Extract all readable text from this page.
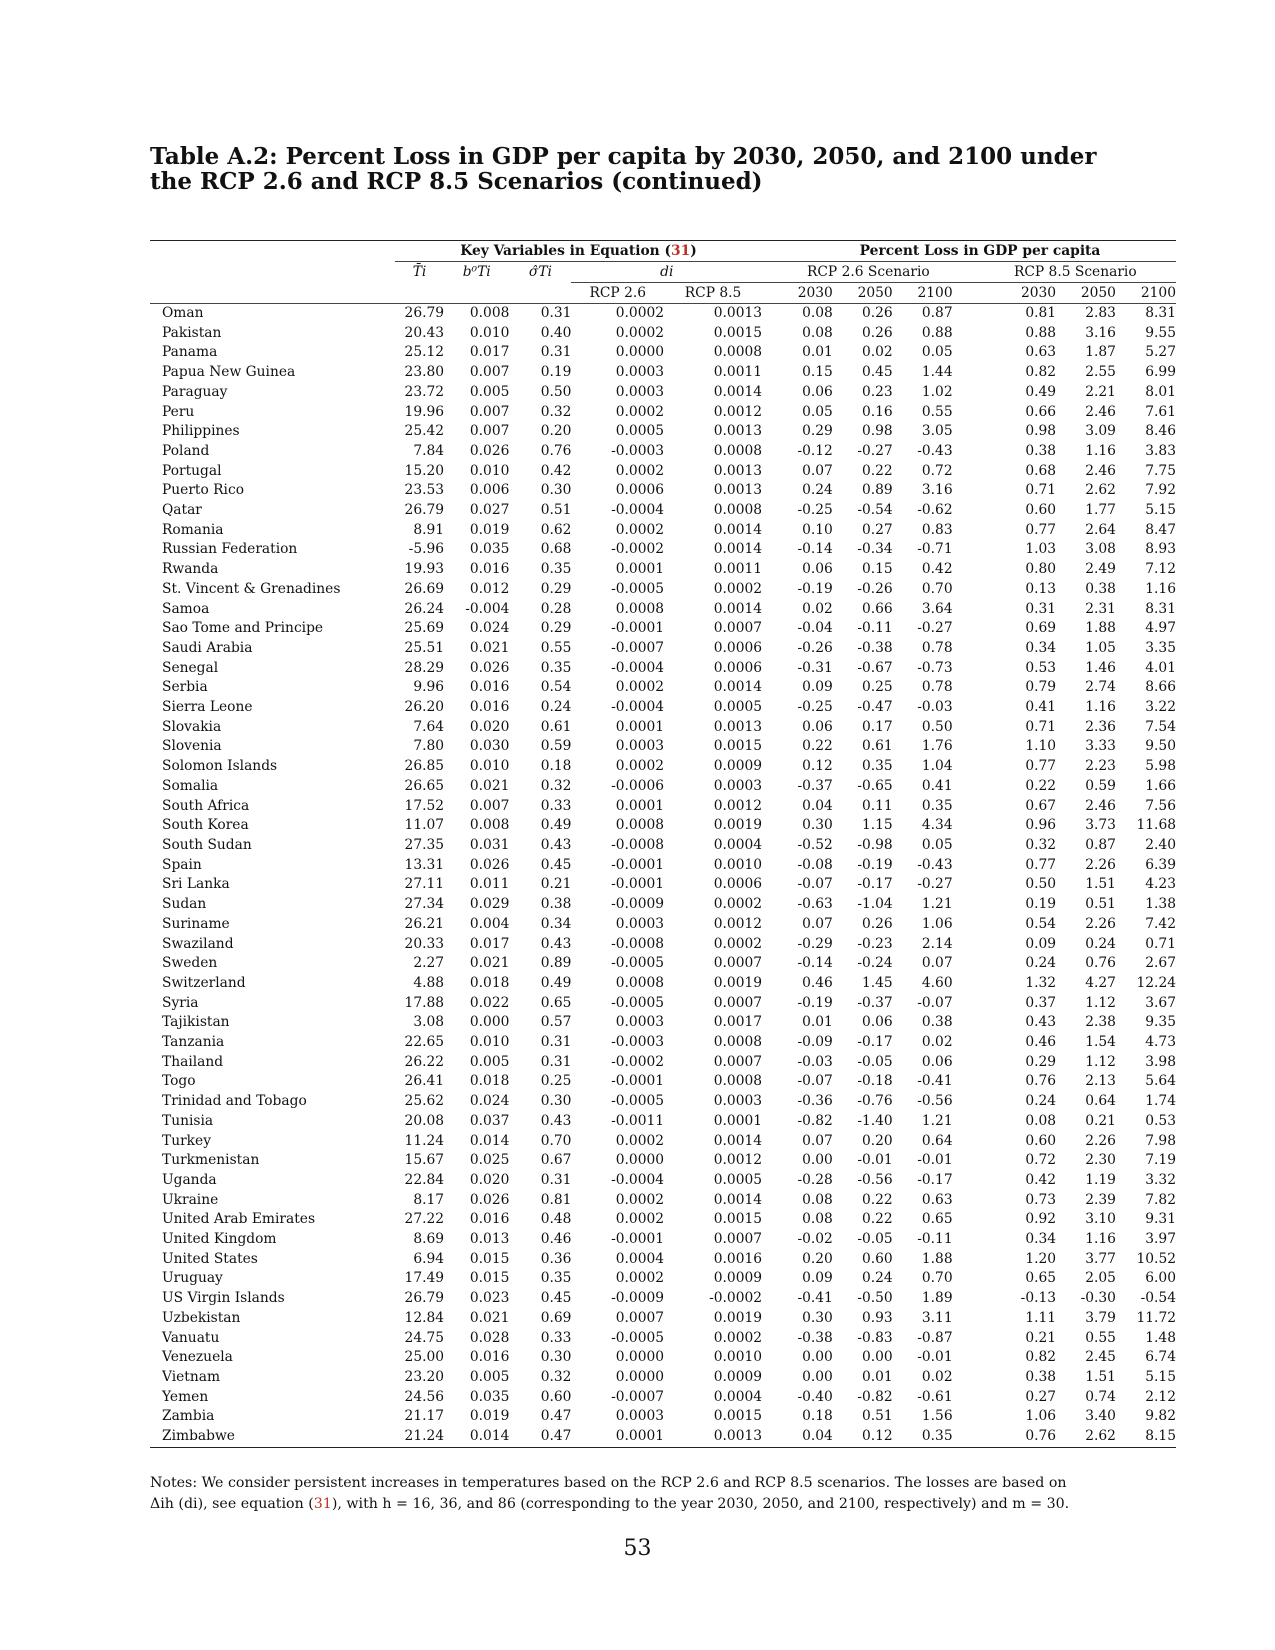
Table A.2: Percent Loss in GDP per capita by 2030, 2050, and 2100 under the RCP 2.6 and RCP 8.5 Scenarios (continued)
	Key Variables in Equation (31)					Percent Loss in GDP per capita					
	T̄i	b⁰Ti	σ̂Ti	di		RCP 2.6 Scenario			RCP 8.5 Scenario		
				RCP 2.6	RCP 8.5	2030	2050	2100	2030	2050	2100
Oman	26.79	0.008	0.31	0.0002	0.0013	0.08	0.26	0.87	0.81	2.83	8.31
Pakistan	20.43	0.010	0.40	0.0002	0.0015	0.08	0.26	0.88	0.88	3.16	9.55
Panama	25.12	0.017	0.31	0.0000	0.0008	0.01	0.02	0.05	0.63	1.87	5.27
Papua New Guinea	23.80	0.007	0.19	0.0003	0.0011	0.15	0.45	1.44	0.82	2.55	6.99
Paraguay	23.72	0.005	0.50	0.0003	0.0014	0.06	0.23	1.02	0.49	2.21	8.01
Peru	19.96	0.007	0.32	0.0002	0.0012	0.05	0.16	0.55	0.66	2.46	7.61
Philippines	25.42	0.007	0.20	0.0005	0.0013	0.29	0.98	3.05	0.98	3.09	8.46
Poland	7.84	0.026	0.76	-0.0003	0.0008	-0.12	-0.27	-0.43	0.38	1.16	3.83
Portugal	15.20	0.010	0.42	0.0002	0.0013	0.07	0.22	0.72	0.68	2.46	7.75
Puerto Rico	23.53	0.006	0.30	0.0006	0.0013	0.24	0.89	3.16	0.71	2.62	7.92
Qatar	26.79	0.027	0.51	-0.0004	0.0008	-0.25	-0.54	-0.62	0.60	1.77	5.15
Romania	8.91	0.019	0.62	0.0002	0.0014	0.10	0.27	0.83	0.77	2.64	8.47
Russian Federation	-5.96	0.035	0.68	-0.0002	0.0014	-0.14	-0.34	-0.71	1.03	3.08	8.93
Rwanda	19.93	0.016	0.35	0.0001	0.0011	0.06	0.15	0.42	0.80	2.49	7.12
St. Vincent & Grenadines	26.69	0.012	0.29	-0.0005	0.0002	-0.19	-0.26	0.70	0.13	0.38	1.16
Samoa	26.24	-0.004	0.28	0.0008	0.0014	0.02	0.66	3.64	0.31	2.31	8.31
Sao Tome and Principe	25.69	0.024	0.29	-0.0001	0.0007	-0.04	-0.11	-0.27	0.69	1.88	4.97
Saudi Arabia	25.51	0.021	0.55	-0.0007	0.0006	-0.26	-0.38	0.78	0.34	1.05	3.35
Senegal	28.29	0.026	0.35	-0.0004	0.0006	-0.31	-0.67	-0.73	0.53	1.46	4.01
Serbia	9.96	0.016	0.54	0.0002	0.0014	0.09	0.25	0.78	0.79	2.74	8.66
Sierra Leone	26.20	0.016	0.24	-0.0004	0.0005	-0.25	-0.47	-0.03	0.41	1.16	3.22
Slovakia	7.64	0.020	0.61	0.0001	0.0013	0.06	0.17	0.50	0.71	2.36	7.54
Slovenia	7.80	0.030	0.59	0.0003	0.0015	0.22	0.61	1.76	1.10	3.33	9.50
Solomon Islands	26.85	0.010	0.18	0.0002	0.0009	0.12	0.35	1.04	0.77	2.23	5.98
Somalia	26.65	0.021	0.32	-0.0006	0.0003	-0.37	-0.65	0.41	0.22	0.59	1.66
South Africa	17.52	0.007	0.33	0.0001	0.0012	0.04	0.11	0.35	0.67	2.46	7.56
South Korea	11.07	0.008	0.49	0.0008	0.0019	0.30	1.15	4.34	0.96	3.73	11.68
South Sudan	27.35	0.031	0.43	-0.0008	0.0004	-0.52	-0.98	0.05	0.32	0.87	2.40
Spain	13.31	0.026	0.45	-0.0001	0.0010	-0.08	-0.19	-0.43	0.77	2.26	6.39
Sri Lanka	27.11	0.011	0.21	-0.0001	0.0006	-0.07	-0.17	-0.27	0.50	1.51	4.23
Sudan	27.34	0.029	0.38	-0.0009	0.0002	-0.63	-1.04	1.21	0.19	0.51	1.38
Suriname	26.21	0.004	0.34	0.0003	0.0012	0.07	0.26	1.06	0.54	2.26	7.42
Swaziland	20.33	0.017	0.43	-0.0008	0.0002	-0.29	-0.23	2.14	0.09	0.24	0.71
Sweden	2.27	0.021	0.89	-0.0005	0.0007	-0.14	-0.24	0.07	0.24	0.76	2.67
Switzerland	4.88	0.018	0.49	0.0008	0.0019	0.46	1.45	4.60	1.32	4.27	12.24
Syria	17.88	0.022	0.65	-0.0005	0.0007	-0.19	-0.37	-0.07	0.37	1.12	3.67
Tajikistan	3.08	0.000	0.57	0.0003	0.0017	0.01	0.06	0.38	0.43	2.38	9.35
Tanzania	22.65	0.010	0.31	-0.0003	0.0008	-0.09	-0.17	0.02	0.46	1.54	4.73
Thailand	26.22	0.005	0.31	-0.0002	0.0007	-0.03	-0.05	0.06	0.29	1.12	3.98
Togo	26.41	0.018	0.25	-0.0001	0.0008	-0.07	-0.18	-0.41	0.76	2.13	5.64
Trinidad and Tobago	25.62	0.024	0.30	-0.0005	0.0003	-0.36	-0.76	-0.56	0.24	0.64	1.74
Tunisia	20.08	0.037	0.43	-0.0011	0.0001	-0.82	-1.40	1.21	0.08	0.21	0.53
Turkey	11.24	0.014	0.70	0.0002	0.0014	0.07	0.20	0.64	0.60	2.26	7.98
Turkmenistan	15.67	0.025	0.67	0.0000	0.0012	0.00	-0.01	-0.01	0.72	2.30	7.19
Uganda	22.84	0.020	0.31	-0.0004	0.0005	-0.28	-0.56	-0.17	0.42	1.19	3.32
Ukraine	8.17	0.026	0.81	0.0002	0.0014	0.08	0.22	0.63	0.73	2.39	7.82
United Arab Emirates	27.22	0.016	0.48	0.0002	0.0015	0.08	0.22	0.65	0.92	3.10	9.31
United Kingdom	8.69	0.013	0.46	-0.0001	0.0007	-0.02	-0.05	-0.11	0.34	1.16	3.97
United States	6.94	0.015	0.36	0.0004	0.0016	0.20	0.60	1.88	1.20	3.77	10.52
Uruguay	17.49	0.015	0.35	0.0002	0.0009	0.09	0.24	0.70	0.65	2.05	6.00
US Virgin Islands	26.79	0.023	0.45	-0.0009	-0.0002	-0.41	-0.50	1.89	-0.13	-0.30	-0.54
Uzbekistan	12.84	0.021	0.69	0.0007	0.0019	0.30	0.93	3.11	1.11	3.79	11.72
Vanuatu	24.75	0.028	0.33	-0.0005	0.0002	-0.38	-0.83	-0.87	0.21	0.55	1.48
Venezuela	25.00	0.016	0.30	0.0000	0.0010	0.00	0.00	-0.01	0.82	2.45	6.74
Vietnam	23.20	0.005	0.32	0.0000	0.0009	0.00	0.01	0.02	0.38	1.51	5.15
Yemen	24.56	0.035	0.60	-0.0007	0.0004	-0.40	-0.82	-0.61	0.27	0.74	2.12
Zambia	21.17	0.019	0.47	0.0003	0.0015	0.18	0.51	1.56	1.06	3.40	9.82
Zimbabwe	21.24	0.014	0.47	0.0001	0.0013	0.04	0.12	0.35	0.76	2.62	8.15
Notes: We consider persistent increases in temperatures based on the RCP 2.6 and RCP 8.5 scenarios. The losses are based on
Δih (di), see equation (31), with h = 16, 36, and 86 (corresponding to the year 2030, 2050, and 2100, respectively) and m = 30.
53
